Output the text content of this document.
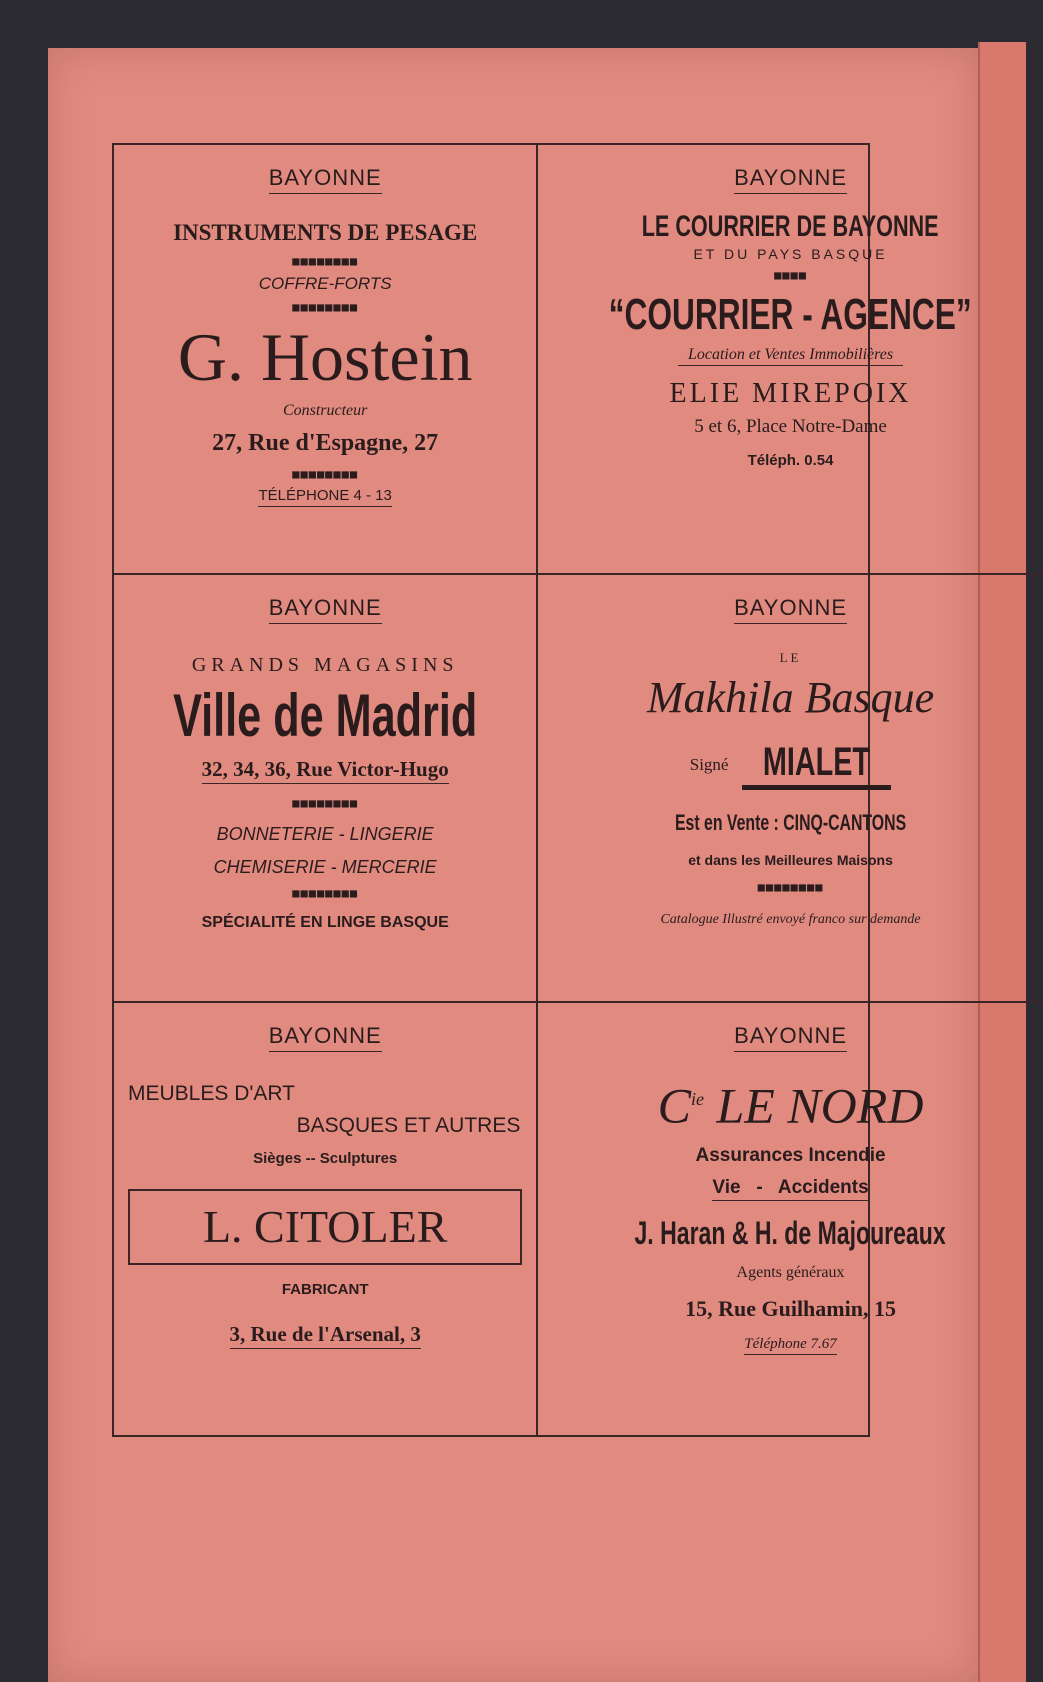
BAYONNE
INSTRUMENTS DE PESAGE
■■■■■■■■
COFFRE-FORTS
■■■■■■■■
G. Hostein
Constructeur
27, Rue d'Espagne, 27
■■■■■■■■
TÉLÉPHONE 4 - 13
BAYONNE
LE COURRIER DE BAYONNE
ET DU PAYS BASQUE
■■■■
“COURRIER - AGENCE”
Location et Ventes Immobilières
ELIE MIREPOIX
5 et 6, Place Notre-Dame
Téléph. 0.54
BAYONNE
GRANDS MAGASINS
Ville de Madrid
32, 34, 36, Rue Victor-Hugo
■■■■■■■■
BONNETERIE - LINGERIE
CHEMISERIE - MERCERIE
■■■■■■■■
SPÉCIALITÉ EN LINGE BASQUE
BAYONNE
LE
Makhila Basque
Signé MIALET
Est en Vente : CINQ-CANTONS
et dans les Meilleures Maisons
■■■■■■■■
Catalogue Illustré envoyé franco sur demande
BAYONNE
MEUBLES D'ART
BASQUES ET AUTRES
Sièges -- Sculptures
L. CITOLER
FABRICANT
3, Rue de l'Arsenal, 3
BAYONNE
$C^{ie}$ LE NORD
Assurances Incendie
Vie   -   Accidents
J. Haran & H. de Majoureaux
Agents généraux
15, Rue Guilhamin, 15
Téléphone 7.67
